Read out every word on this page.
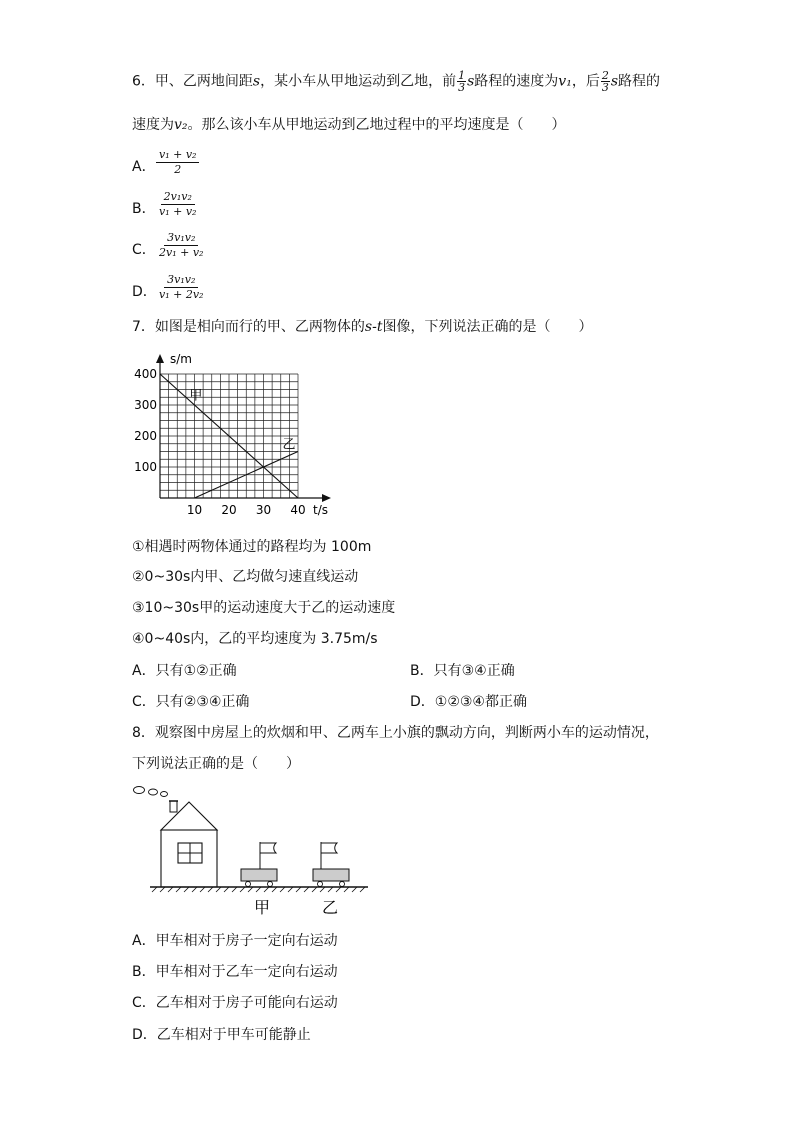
6．甲、乙两地间距s，某小车从甲地运动到乙地，前 $\frac{1}{3}$ s路程的速度为v₁，后 $\frac{2}{3}$ s路程的
速度为v₂。那么该小车从甲地运动到乙地过程中的平均速度是（　　）
A． $\frac{\text{v₁ + v₂}}{2}$
B． $\frac{\text{2v₁v₂}}{\text{v₁ + v₂}}$
C． $\frac{\text{3v₁v₂}}{\text{2v₁ + v₂}}$
D． $\frac{\text{3v₁v₂}}{\text{v₁ + 2v₂}}$
7．如图是相向而行的甲、乙两物体的s-t图像，下列说法正确的是（　　）
10 20 30 40
100
200
300
400
甲
乙
s/m
t/s
①相遇时两物体通过的路程均为 100m
②0~30s内甲、乙均做匀速直线运动
③10~30s甲的运动速度大于乙的运动速度
④0~40s内，乙的平均速度为 3.75m/s
A．只有①②正确	B．只有③④正确
C．只有②③④正确	D．①②③④都正确
8．观察图中房屋上的炊烟和甲、乙两车上小旗的飘动方向，判断两小车的运动情况，
下列说法正确的是（　　）
甲	乙
A．甲车相对于房子一定向右运动
B．甲车相对于乙车一定向右运动
C．乙车相对于房子可能向右运动
D．乙车相对于甲车可能静止
